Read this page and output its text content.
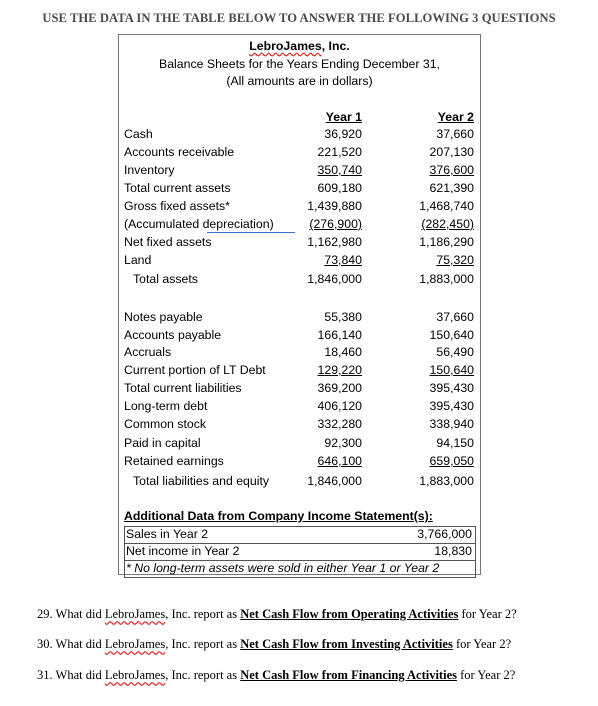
USE THE DATA IN THE TABLE BELOW TO ANSWER THE FOLLOWING 3 QUESTIONS
LebroJames, Inc.
Balance Sheets for the Years Ending December 31,
(All amounts are in dollars)
Year 1	Year 2
Cash	36,920	37,660
Accounts receivable	221,520	207,130
Inventory	350,740	376,600
Total current assets	609,180	621,390
Gross fixed assets*	1,439,880	1,468,740
(Accumulated depreciation)	(276,900)	(282,450)
Net fixed assets	1,162,980	1,186,290
Land	73,840	75,320
Total assets	1,846,000	1,883,000
Notes payable	55,380	37,660
Accounts payable	166,140	150,640
Accruals	18,460	56,490
Current portion of LT Debt	129,220	150,640
Total current liabilities	369,200	395,430
Long-term debt	406,120	395,430
Common stock	332,280	338,940
Paid in capital	92,300	94,150
Retained earnings	646,100	659,050
Total liabilities and equity	1,846,000	1,883,000
Additional Data from Company Income Statement(s):
Sales in Year 2	3,766,000
Net income in Year 2	18,830
* No long-term assets were sold in either Year 1 or Year 2
29. What did LebroJames, Inc. report as Net Cash Flow from Operating Activities for Year 2?
30. What did LebroJames, Inc. report as Net Cash Flow from Investing Activities for Year 2?
31. What did LebroJames, Inc. report as Net Cash Flow from Financing Activities for Year 2?
